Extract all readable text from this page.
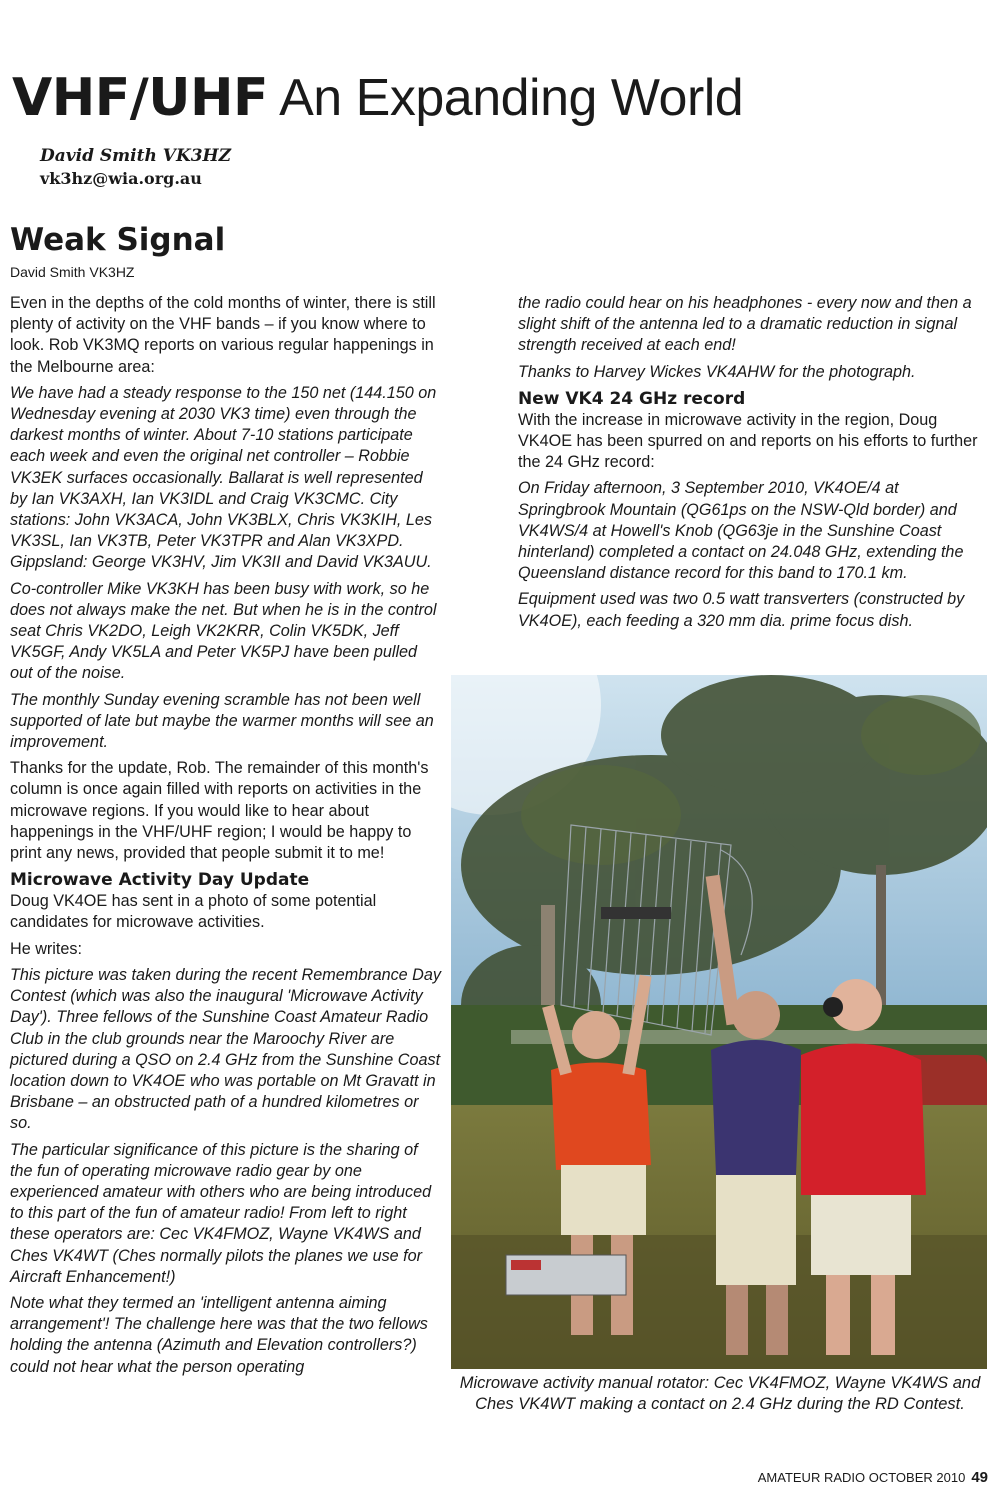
VHF/UHF An Expanding World
David Smith VK3HZ
vk3hz@wia.org.au
Weak Signal
David Smith VK3HZ

Even in the depths of the cold months of winter, there is still plenty of activity on the VHF bands – if you know where to look. Rob VK3MQ reports on various regular happenings in the Melbourne area:

We have had a steady response to the 150 net (144.150 on Wednesday evening at 2030 VK3 time) even through the darkest months of winter. About 7-10 stations participate each week and even the original net controller – Robbie VK3EK surfaces occasionally. Ballarat is well represented by Ian VK3AXH, Ian VK3IDL and Craig VK3CMC. City stations: John VK3ACA, John VK3BLX, Chris VK3KIH, Les VK3SL, Ian VK3TB, Peter VK3TPR and Alan VK3XPD. Gippsland: George VK3HV, Jim VK3II and David VK3AUU.

Co-controller Mike VK3KH has been busy with work, so he does not always make the net. But when he is in the control seat Chris VK2DO, Leigh VK2KRR, Colin VK5DK, Jeff VK5GF, Andy VK5LA and Peter VK5PJ have been pulled out of the noise.

The monthly Sunday evening scramble has not been well supported of late but maybe the warmer months will see an improvement.

Thanks for the update, Rob. The remainder of this month's column is once again filled with reports on activities in the microwave regions. If you would like to hear about happenings in the VHF/UHF region; I would be happy to print any news, provided that people submit it to me!

Microwave Activity Day Update

Doug VK4OE has sent in a photo of some potential candidates for microwave activities.

He writes:

This picture was taken during the recent Remembrance Day Contest (which was also the inaugural 'Microwave Activity Day'). Three fellows of the Sunshine Coast Amateur Radio Club in the club grounds near the Maroochy River are pictured during a QSO on 2.4 GHz from the Sunshine Coast location down to VK4OE who was portable on Mt Gravatt in Brisbane – an obstructed path of a hundred kilometres or so.

The particular significance of this picture is the sharing of the fun of operating microwave radio gear by one experienced amateur with others who are being introduced to this part of the fun of amateur radio! From left to right these operators are: Cec VK4FMOZ, Wayne VK4WS and Ches VK4WT (Ches normally pilots the planes we use for Aircraft Enhancement!)

Note what they termed an 'intelligent antenna aiming arrangement'! The challenge here was that the two fellows holding the antenna (Azimuth and Elevation controllers?) could not hear what the person operating

the radio could hear on his headphones - every now and then a slight shift of the antenna led to a dramatic reduction in signal strength received at each end!

Thanks to Harvey Wickes VK4AHW for the photograph.

New VK4 24 GHz record

With the increase in microwave activity in the region, Doug VK4OE has been spurred on and reports on his efforts to further the 24 GHz record:

On Friday afternoon, 3 September 2010, VK4OE/4 at Springbrook Mountain (QG61ps on the NSW-Qld border) and VK4WS/4 at Howell's Knob (QG63je in the Sunshine Coast hinterland) completed a contact on 24.048 GHz, extending the Queensland distance record for this band to 170.1 km.

Equipment used was two 0.5 watt transverters (constructed by VK4OE), each feeding a 320 mm dia. prime focus dish.

Microwave activity manual rotator: Cec VK4FMOZ, Wayne VK4WS and Ches VK4WT making a contact on 2.4 GHz during the RD Contest.
AMATEUR RADIO OCTOBER 2010 49
